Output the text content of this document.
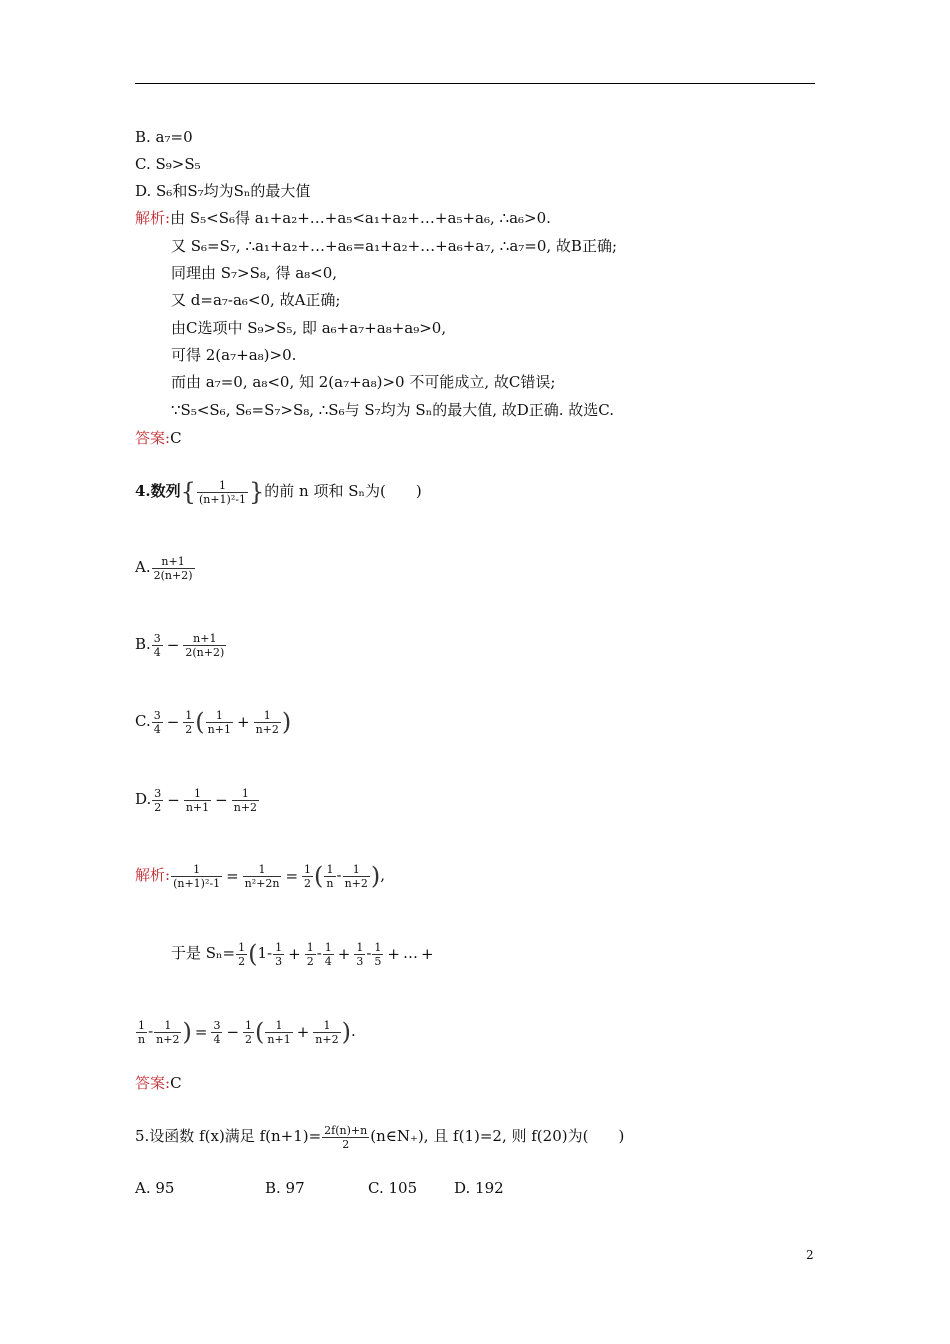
B. a₇=0
C. S₉>S₅
D. S₆和S₇均为Sₙ的最大值
解析:由 S₅<S₆得 a₁+a₂+…+a₅<a₁+a₂+…+a₅+a₆, ∴a₆>0.
又 S₆=S₇, ∴a₁+a₂+…+a₆=a₁+a₂+…+a₆+a₇, ∴a₇=0, 故B正确;
同理由 S₇>S₈, 得 a₈<0,
又 d=a₇-a₆<0, 故A正确;
由C选项中 S₉>S₅, 即 a₆+a₇+a₈+a₉>0,
可得 2(a₇+a₈)>0.
而由 a₇=0, a₈<0, 知 2(a₇+a₈)>0 不可能成立, 故C错误;
∵S₅<S₆, S₆=S₇>S₈, ∴S₆与 S₇均为 Sₙ的最大值, 故D正确. 故选C.
答案:C
4.数列{ $\frac{1}{\text{(n+1)²-1}}$ }的前 n 项和 Sₙ为(　　)
A. $\frac{n+1}{2(n+2)}$
B. $\frac{3}{4} - \frac{n+1}{2(n+2)}$
C. $\frac{3}{4} - \frac{1}{2}$ ( $\frac{1}{n+1} + \frac{1}{n+2}$ )
D. $\frac{3}{2} - \frac{1}{n+1} - \frac{1}{n+2}$
解析: $\frac{1}{\text{(n+1)²-1}} = \frac{1}{\text{n²+2n}} = \frac{1}{2}$ ( $\frac{1}{n} - \frac{1}{n+2}$ ),
于是 $S_n= \frac{1}{2} (1- \frac{1}{3} + \frac{1}{2} - \frac{1}{4} + \frac{1}{3} - \frac{1}{5}$ + … +
$\frac{1}{n} - \frac{1}{n+2}$ ) = $\frac{3}{4} - \frac{1}{2}$ ( $\frac{1}{n+1} + \frac{1}{n+2}$ ).
答案:C
5.设函数 f(x)满足 $f(n+1)= \frac{2f(n)+n}{2}$ (n∈N₊), 且 f(1)=2, 则 f(20)为(　　)
A. 95	B. 97	C. 105 D. 192
2
